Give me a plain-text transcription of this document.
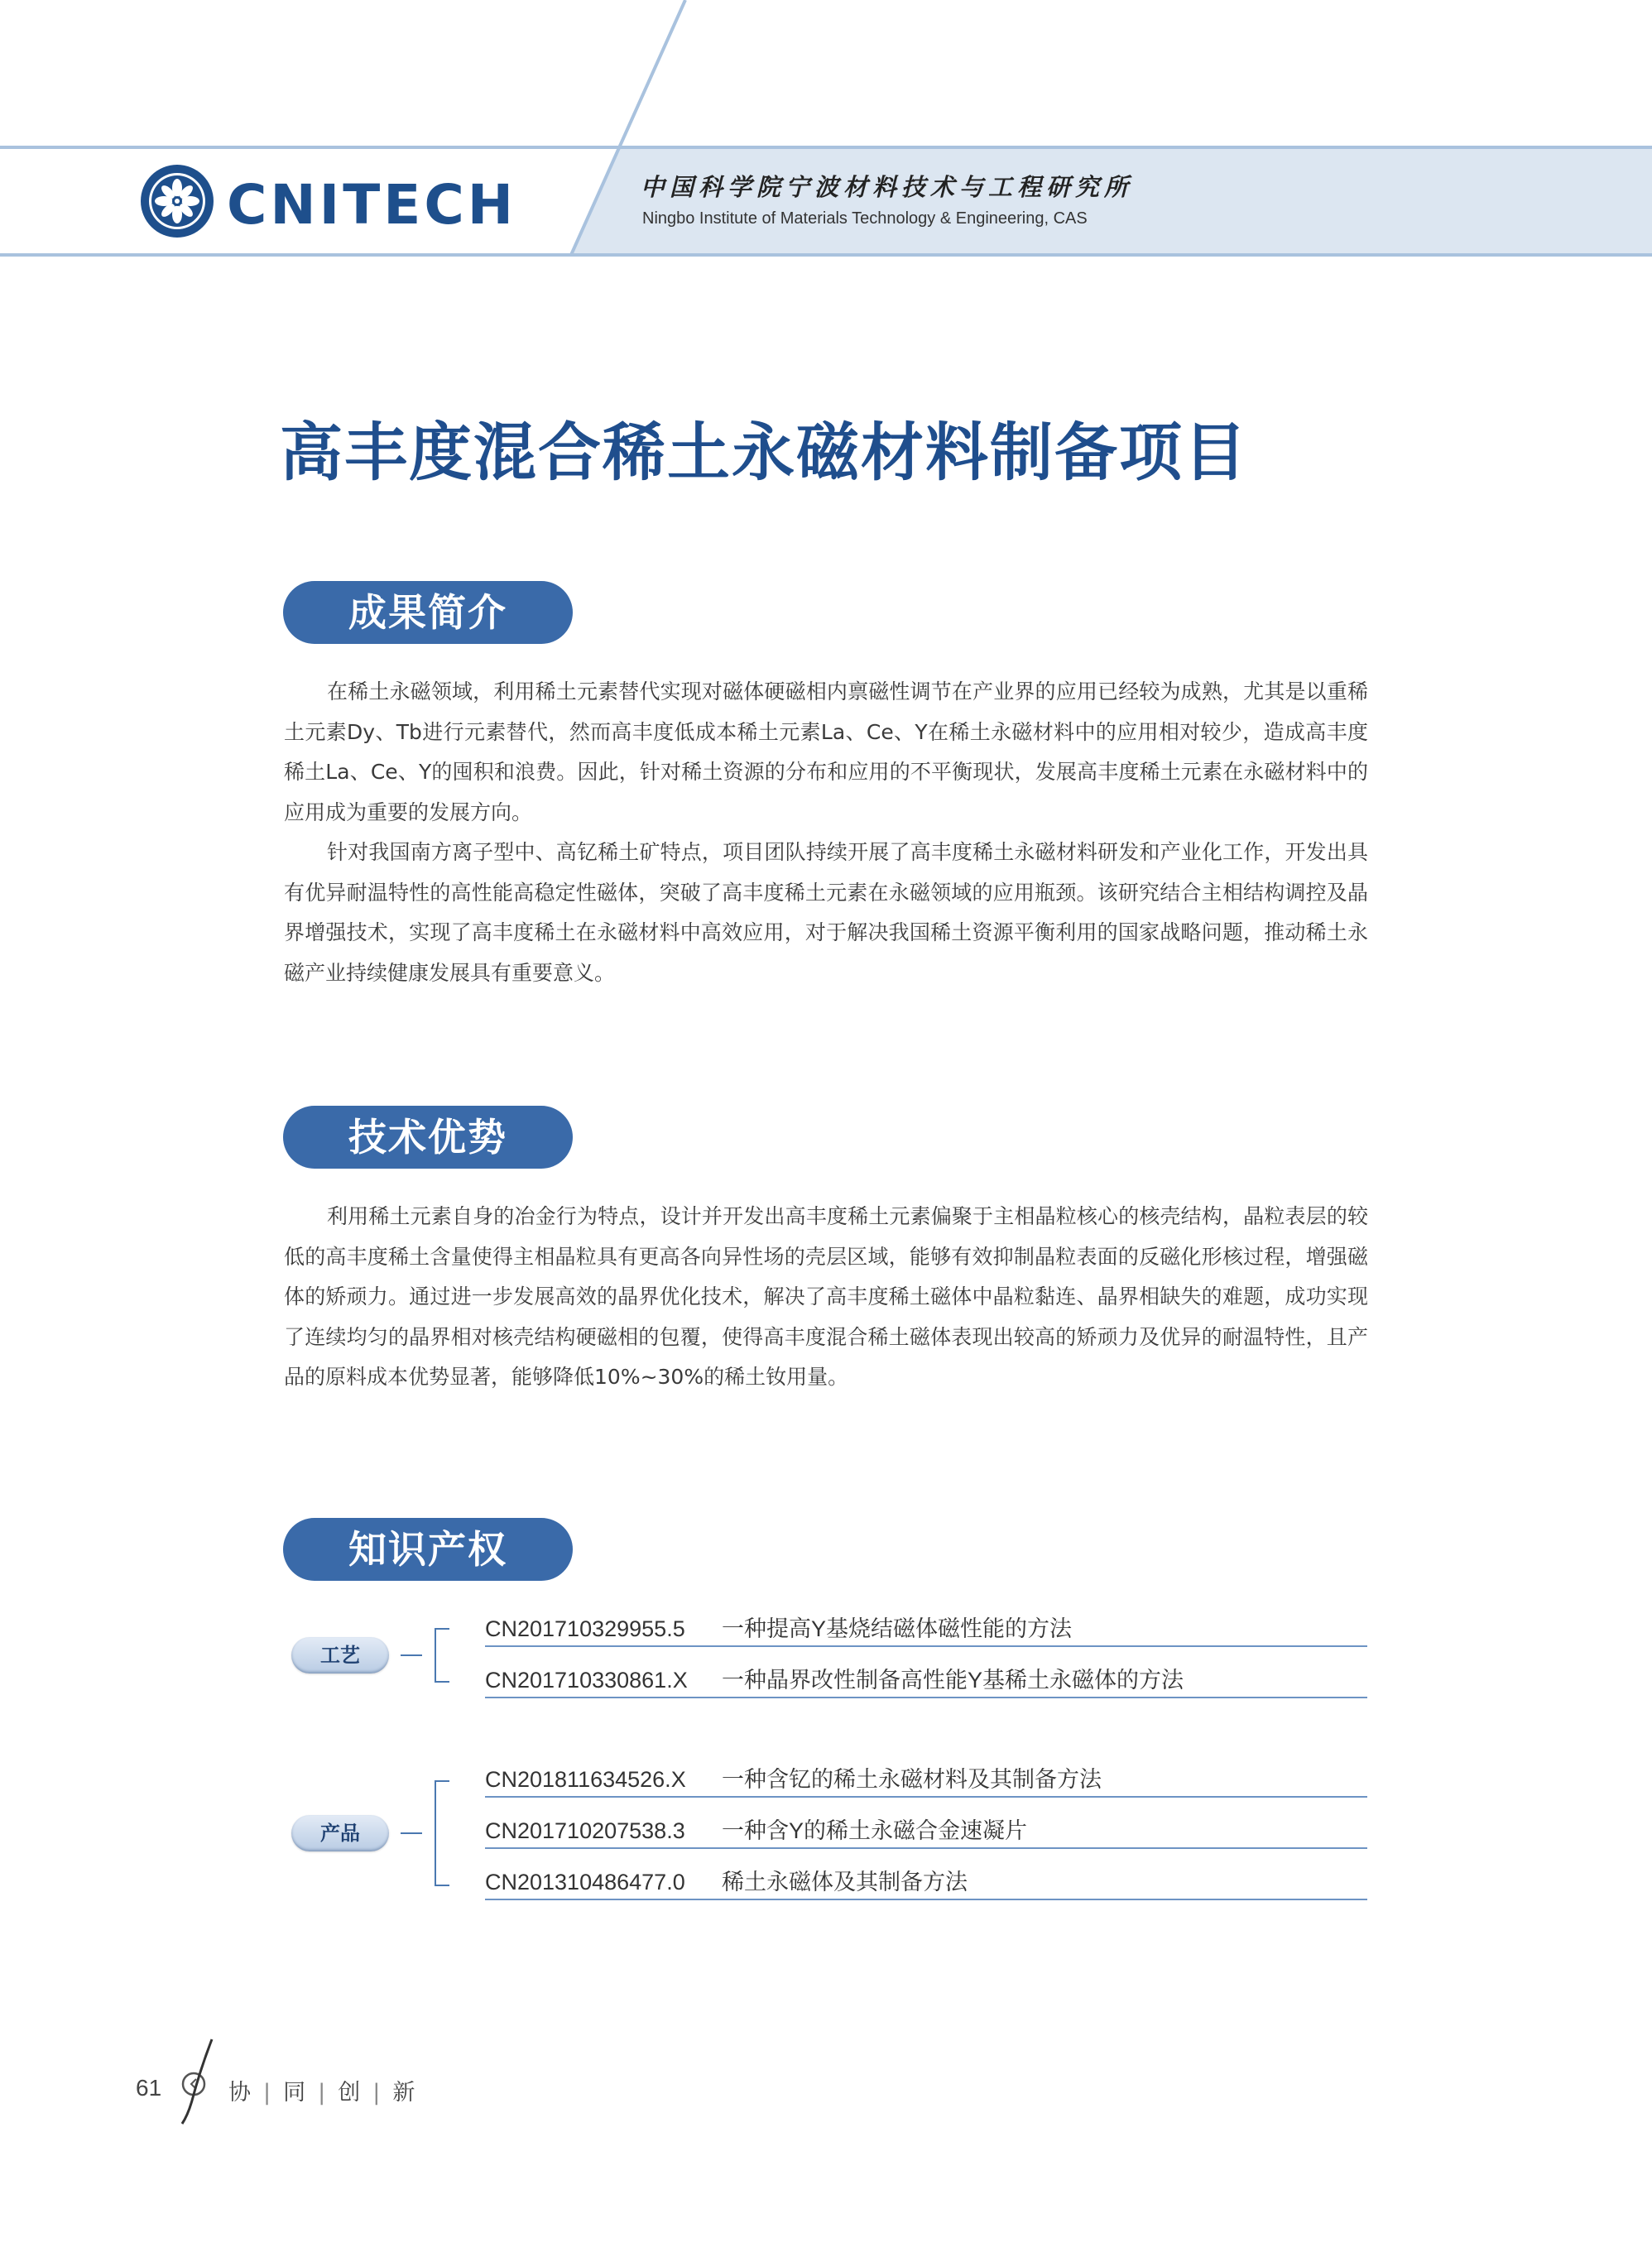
CNITECH	中国科学院宁波材料技术与工程研究所
Ningbo Institute of Materials Technology & Engineering, CAS
高丰度混合稀土永磁材料制备项目
成果简介

在稀土永磁领域，利用稀土元素替代实现对磁体硬磁相内禀磁性调节在产业界的应用已经较为成熟，尤其是以重稀土元素Dy、Tb进行元素替代，然而高丰度低成本稀土元素La、Ce、Y在稀土永磁材料中的应用相对较少，造成高丰度稀土La、Ce、Y的囤积和浪费。因此，针对稀土资源的分布和应用的不平衡现状，发展高丰度稀土元素在永磁材料中的应用成为重要的发展方向。

针对我国南方离子型中、高钇稀土矿特点，项目团队持续开展了高丰度稀土永磁材料研发和产业化工作，开发出具有优异耐温特性的高性能高稳定性磁体，突破了高丰度稀土元素在永磁领域的应用瓶颈。该研究结合主相结构调控及晶界增强技术，实现了高丰度稀土在永磁材料中高效应用，对于解决我国稀土资源平衡利用的国家战略问题，推动稀土永磁产业持续健康发展具有重要意义。

技术优势

利用稀土元素自身的冶金行为特点，设计并开发出高丰度稀土元素偏聚于主相晶粒核心的核壳结构，晶粒表层的较低的高丰度稀土含量使得主相晶粒具有更高各向异性场的壳层区域，能够有效抑制晶粒表面的反磁化形核过程，增强磁体的矫顽力。通过进一步发展高效的晶界优化技术，解决了高丰度稀土磁体中晶粒黏连、晶界相缺失的难题，成功实现了连续均匀的晶界相对核壳结构硬磁相的包覆，使得高丰度混合稀土磁体表现出较高的矫顽力及优异的耐温特性，且产品的原料成本优势显著，能够降低10%~30%的稀土钕用量。

知识产权
工艺
CN201710329955.5 一种提高Y基烧结磁体磁性能的方法
CN201710330861.X 一种晶界改性制备高性能Y基稀土永磁体的方法
产品
CN201811634526.X 一种含钇的稀土永磁材料及其制备方法
CN201710207538.3 一种含Y的稀土永磁合金速凝片
CN201310486477.0 稀土永磁体及其制备方法
61	协 | 同 | 创 | 新
